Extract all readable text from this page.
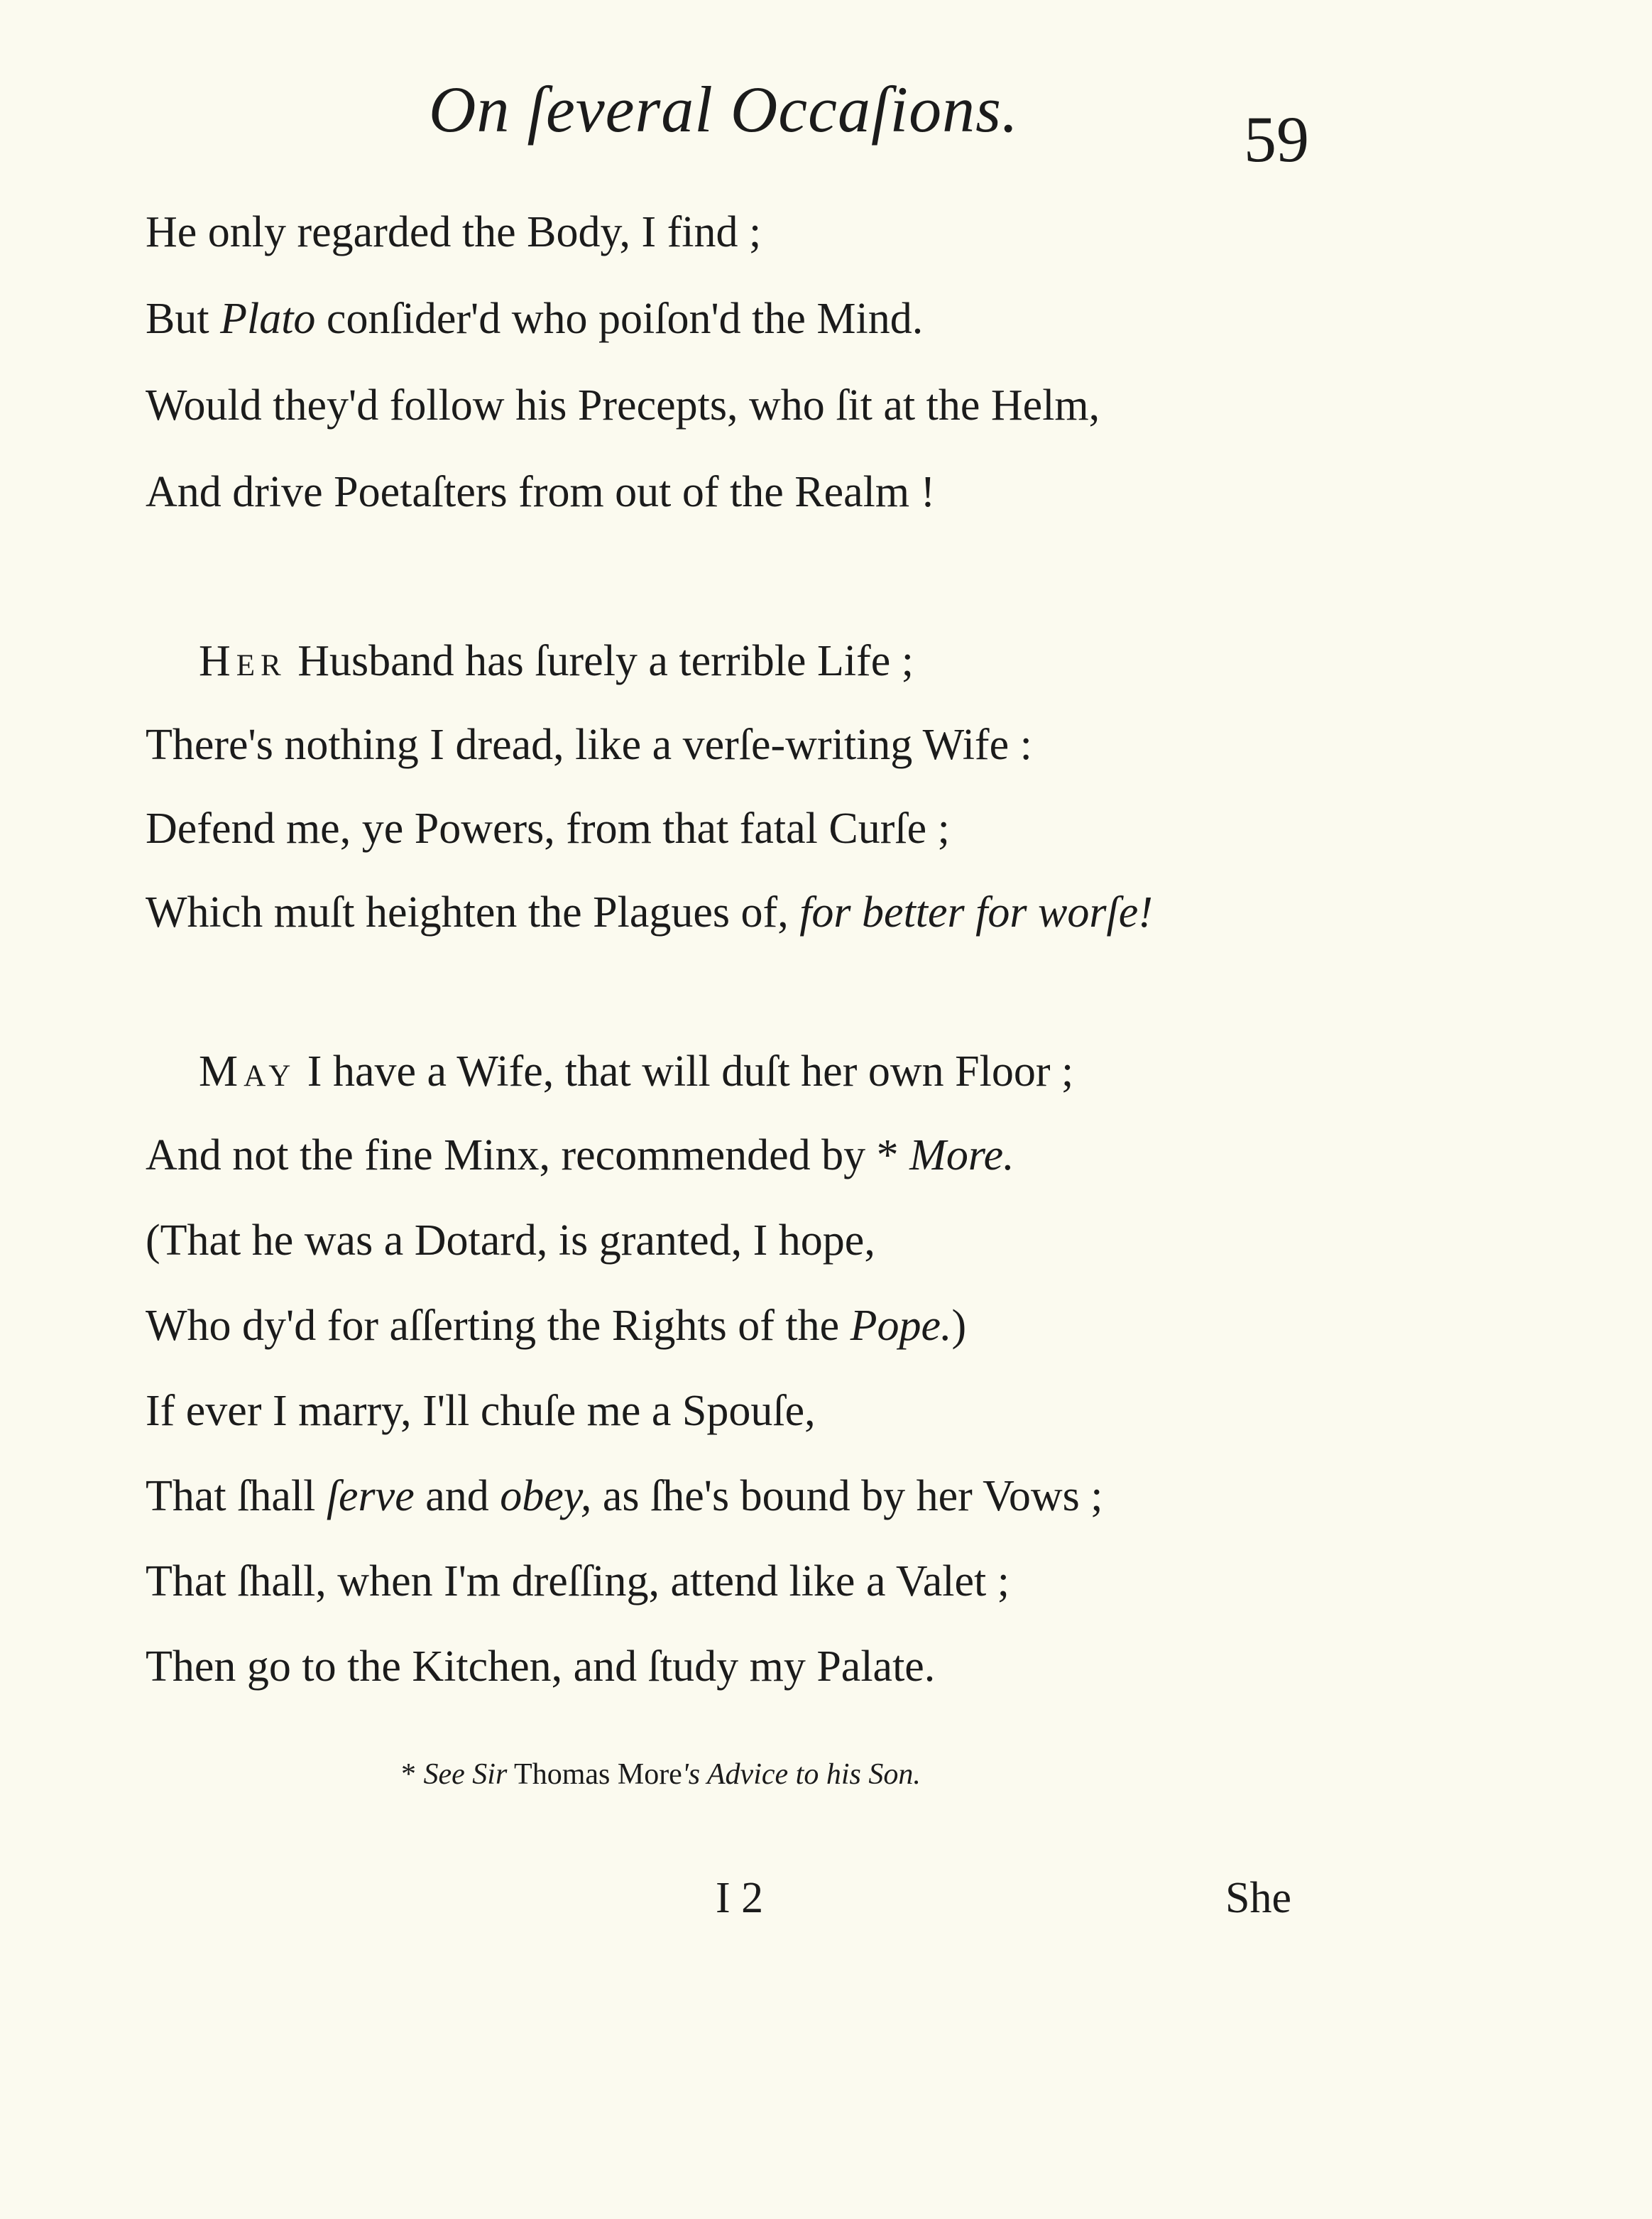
On ſeveral Occaſions.	59
He only regarded the Body, I find ;
But Plato conſider'd who poiſon'd the Mind.
Would they'd follow his Precepts, who ſit at the Helm,
And drive Poetaſters from out of the Realm !
Her Husband has ſurely a terrible Life ;
There's nothing I dread, like a verſe-writing Wife :
Defend me, ye Powers, from that fatal Curſe ;
Which muſt heighten the Plagues of, for better for worſe!
May I have a Wife, that will duſt her own Floor ;
And not the fine Minx, recommended by * More.
(That he was a Dotard, is granted, I hope,
Who dy'd for aſſerting the Rights of the Pope.)
If ever I marry, I'll chuſe me a Spouſe,
That ſhall ſerve and obey, as ſhe's bound by her Vows ;
That ſhall, when I'm dreſſing, attend like a Valet ;
Then go to the Kitchen, and ſtudy my Palate.
* See Sir Thomas More's Advice to his Son.
I 2	She
